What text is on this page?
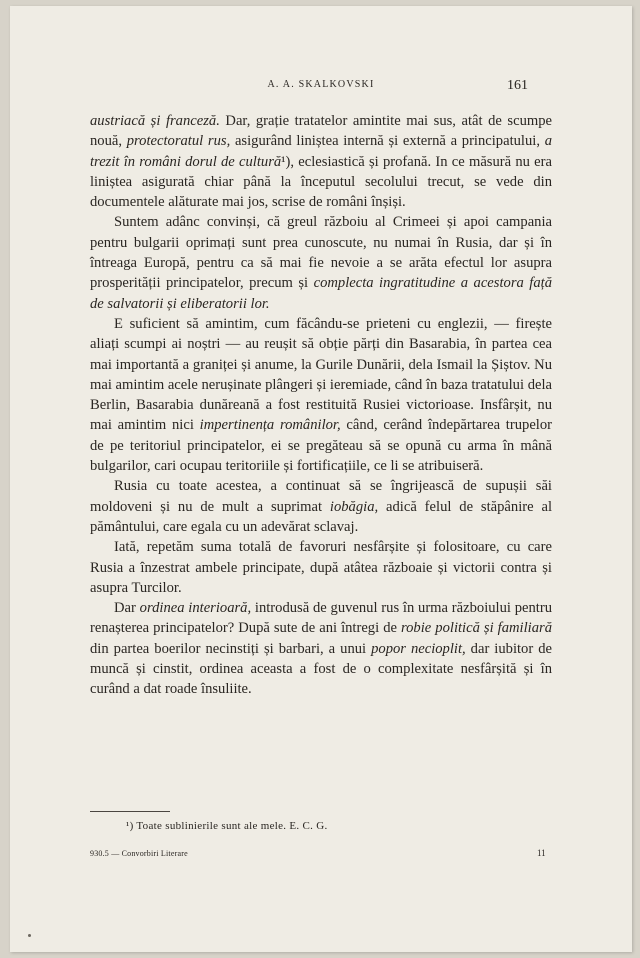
A. A. SKALKOVSKI	161

austriacă și franceză. Dar, grație tratatelor amintite mai sus, atât de scumpe nouă, protectoratul rus, asigurând liniștea internă și externă a principatului, a trezit în români dorul de cultură¹), eclesiastică și profană. In ce măsură nu era liniștea asigurată chiar până la începutul secolului trecut, se vede din documentele alăturate mai jos, scrise de români înșiși.

Suntem adânc convinși, că greul războiu al Crimeei și apoi campania pentru bulgarii oprimați sunt prea cunoscute, nu numai în Rusia, dar și în întreaga Europă, pentru ca să mai fie nevoie a se arăta efectul lor asupra prosperității principatelor, precum și complecta ingratitudine a acestora față de salvatorii și eliberatorii lor.

E suficient să amintim, cum făcându-se prieteni cu englezii, — firește aliați scumpi ai noștri — au reușit să obție părți din Basarabia, în partea cea mai importantă a graniței și anume, la Gurile Dunării, dela Ismail la Șiștov. Nu mai amintim acele nerușinate plângeri și ieremiade, când în baza tratatului dela Berlin, Basarabia dunăreană a fost restituită Rusiei victorioase. Insfârșit, nu mai amintim nici impertinența românilor, când, cerând îndepărtarea trupelor de pe teritoriul principatelor, ei se pregăteau să se opună cu arma în mână bulgarilor, cari ocupau teritoriile și fortificațiile, ce li se atribuiseră.

Rusia cu toate acestea, a continuat să se îngrijească de supușii săi moldoveni și nu de mult a suprimat iobăgia, adică felul de stăpânire al pământului, care egala cu un adevărat sclavaj.

Iată, repetăm suma totală de favoruri nesfârșite și folositoare, cu care Rusia a înzestrat ambele principate, după atâtea războaie și victorii contra și asupra Turcilor.

Dar ordinea interioară, introdusă de guvenul rus în urma războiului pentru renașterea principatelor? După sute de ani întregi de robie politică și familiară din partea boerilor necinstiți și barbari, a unui popor necioplit, dar iubitor de muncă și cinstit, ordinea aceasta a fost de o complexitate nesfârșită și în curând a dat roade însuliite.

¹) Toate sublinierile sunt ale mele. E. C. G.
930.5 — Convorbiri Literare	11
